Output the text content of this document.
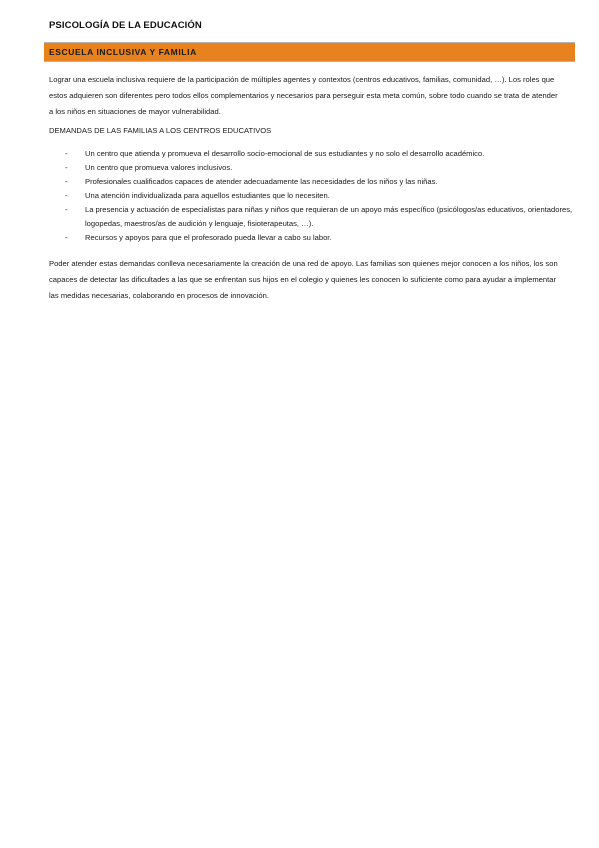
PSICOLOGÍA DE LA EDUCACIÓN
ESCUELA INCLUSIVA Y FAMILIA

Lograr una escuela inclusiva requiere de la participación de múltiples agentes y contextos (centros educativos, familias, comunidad, …). Los roles que estos adquieren son diferentes pero todos ellos complementarios y necesarios para perseguir esta meta común, sobre todo cuando se trata de atender a los niños en situaciones de mayor vulnerabilidad.

DEMANDAS DE LAS FAMILIAS A LOS CENTROS EDUCATIVOS
- Un centro que atienda y promueva el desarrollo socio-emocional de sus estudiantes y no solo el desarrollo académico.
- Un centro que promueva valores inclusivos.
- Profesionales cualificados capaces de atender adecuadamente las necesidades de los niños y las niñas.
- Una atención individualizada para aquellos estudiantes que lo necesiten.
- La presencia y actuación de especialistas para niñas y niños que requieran de un apoyo más específico (psicólogos/as educativos, orientadores, logopedas, maestros/as de audición y lenguaje, fisioterapeutas, …).
- Recursos y apoyos para que el profesorado pueda llevar a cabo su labor.

Poder atender estas demandas conlleva necesariamente la creación de una red de apoyo. Las familias son quienes mejor conocen a los niños, los son capaces de detectar las dificultades a las que se enfrentan sus hijos en el colegio y quienes les conocen lo suficiente como para ayudar a implementar las medidas necesarias, colaborando en procesos de innovación.
